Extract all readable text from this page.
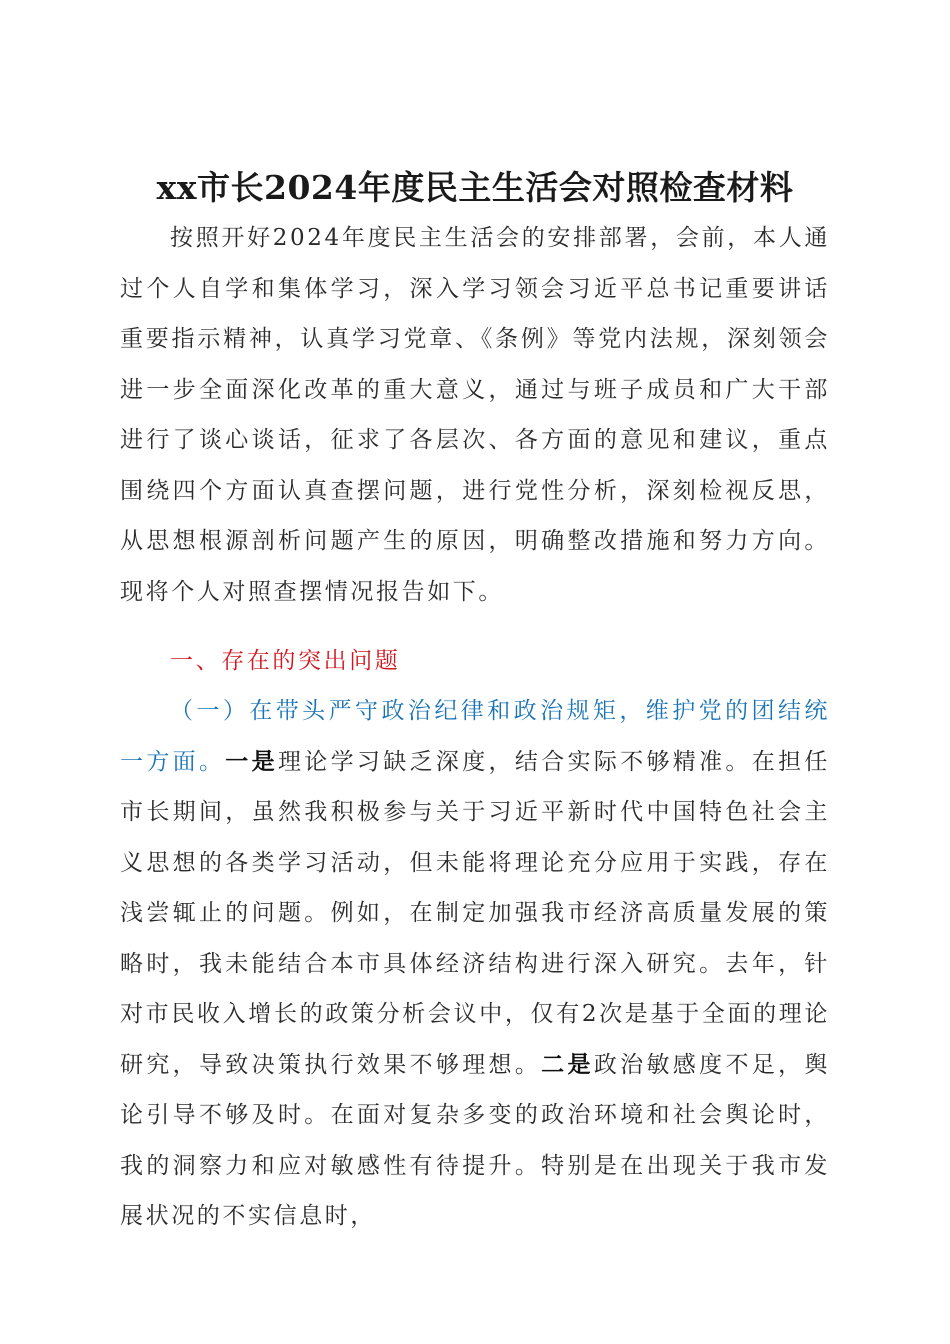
xx市长2024年度民主生活会对照检查材料
按照开好2024年度民主生活会的安排部署，会前，本人通过个人自学和集体学习，深入学习领会习近平总书记重要讲话重要指示精神，认真学习党章、《条例》等党内法规，深刻领会进一步全面深化改革的重大意义，通过与班子成员和广大干部进行了谈心谈话，征求了各层次、各方面的意见和建议，重点围绕四个方面认真查摆问题，进行党性分析，深刻检视反思，从思想根源剖析问题产生的原因，明确整改措施和努力方向。现将个人对照查摆情况报告如下。
一、存在的突出问题
（一）在带头严守政治纪律和政治规矩，维护党的团结统一方面。一是理论学习缺乏深度，结合实际不够精准。在担任市长期间，虽然我积极参与关于习近平新时代中国特色社会主义思想的各类学习活动，但未能将理论充分应用于实践，存在浅尝辄止的问题。例如，在制定加强我市经济高质量发展的策略时，我未能结合本市具体经济结构进行深入研究。去年，针对市民收入增长的政策分析会议中，仅有2次是基于全面的理论研究，导致决策执行效果不够理想。二是政治敏感度不足，舆论引导不够及时。在面对复杂多变的政治环境和社会舆论时，我的洞察力和应对敏感性有待提升。特别是在出现关于我市发展状况的不实信息时，
